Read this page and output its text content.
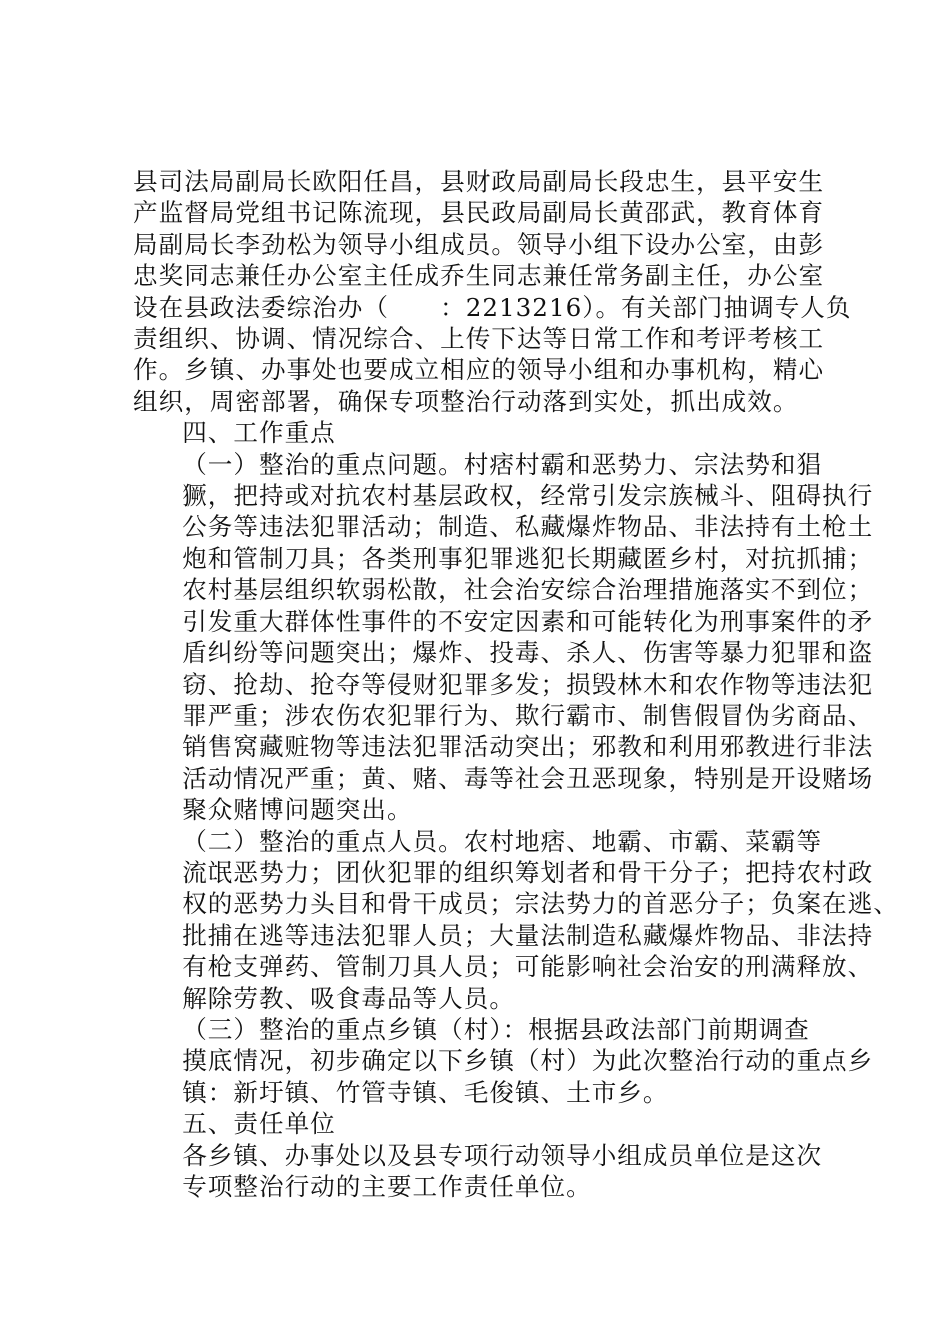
县司法局副局长欧阳任昌，县财政局副局长段忠生，县平安生
产监督局党组书记陈流现，县民政局副局长黄邵武，教育体育
局副局长李劲松为领导小组成员。领导小组下设办公室，由彭
忠奖同志兼任办公室主任成乔生同志兼任常务副主任，办公室
设在县政法委综治办（　　：2213216）。有关部门抽调专人负
责组织、协调、情况综合、上传下达等日常工作和考评考核工
作。乡镇、办事处也要成立相应的领导小组和办事机构，精心
组织，周密部署，确保专项整治行动落到实处，抓出成效。
四、工作重点
（一）整治的重点问题。村痞村霸和恶势力、宗法势和猖
獗，把持或对抗农村基层政权，经常引发宗族械斗、阻碍执行
公务等违法犯罪活动；制造、私藏爆炸物品、非法持有土枪土
炮和管制刀具；各类刑事犯罪逃犯长期藏匿乡村，对抗抓捕；
农村基层组织软弱松散，社会治安综合治理措施落实不到位；
引发重大群体性事件的不安定因素和可能转化为刑事案件的矛
盾纠纷等问题突出；爆炸、投毒、杀人、伤害等暴力犯罪和盗
窃、抢劫、抢夺等侵财犯罪多发；损毁林木和农作物等违法犯
罪严重；涉农伤农犯罪行为、欺行霸市、制售假冒伪劣商品、
销售窝藏赃物等违法犯罪活动突出；邪教和利用邪教进行非法
活动情况严重；黄、赌、毒等社会丑恶现象，特别是开设赌场
聚众赌博问题突出。
（二）整治的重点人员。农村地痞、地霸、市霸、菜霸等
流氓恶势力；团伙犯罪的组织筹划者和骨干分子；把持农村政
权的恶势力头目和骨干成员；宗法势力的首恶分子；负案在逃、
批捕在逃等违法犯罪人员；大量法制造私藏爆炸物品、非法持
有枪支弹药、管制刀具人员；可能影响社会治安的刑满释放、
解除劳教、吸食毒品等人员。
（三）整治的重点乡镇（村）：根据县政法部门前期调查
摸底情况，初步确定以下乡镇（村）为此次整治行动的重点乡
镇：新圩镇、竹管寺镇、毛俊镇、土市乡。
五、责任单位
各乡镇、办事处以及县专项行动领导小组成员单位是这次
专项整治行动的主要工作责任单位。
